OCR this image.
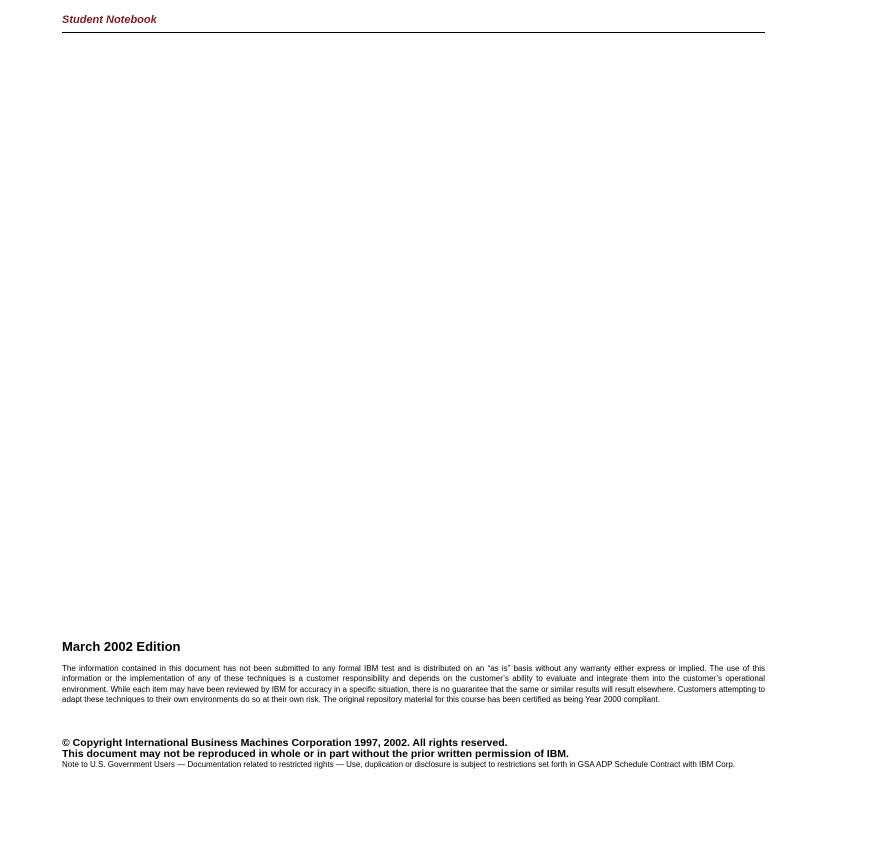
Student Notebook
March 2002 Edition

The information contained in this document has not been submitted to any formal IBM test and is distributed on an “as is” basis without any warranty either express or implied. The use of this information or the implementation of any of these techniques is a customer responsibility and depends on the customer’s ability to evaluate and integrate them into the customer’s operational environment. While each item may have been reviewed by IBM for accuracy in a specific situation, there is no guarantee that the same or similar results will result elsewhere. Customers attempting to adapt these techniques to their own environments do so at their own risk. The original repository material for this course has been certified as being Year 2000 compliant.

© Copyright International Business Machines Corporation 1997, 2002. All rights reserved.
This document may not be reproduced in whole or in part without the prior written permission of IBM.

Note to U.S. Government Users — Documentation related to restricted rights — Use, duplication or disclosure is subject to restrictions set forth in GSA ADP Schedule Contract with IBM Corp.
